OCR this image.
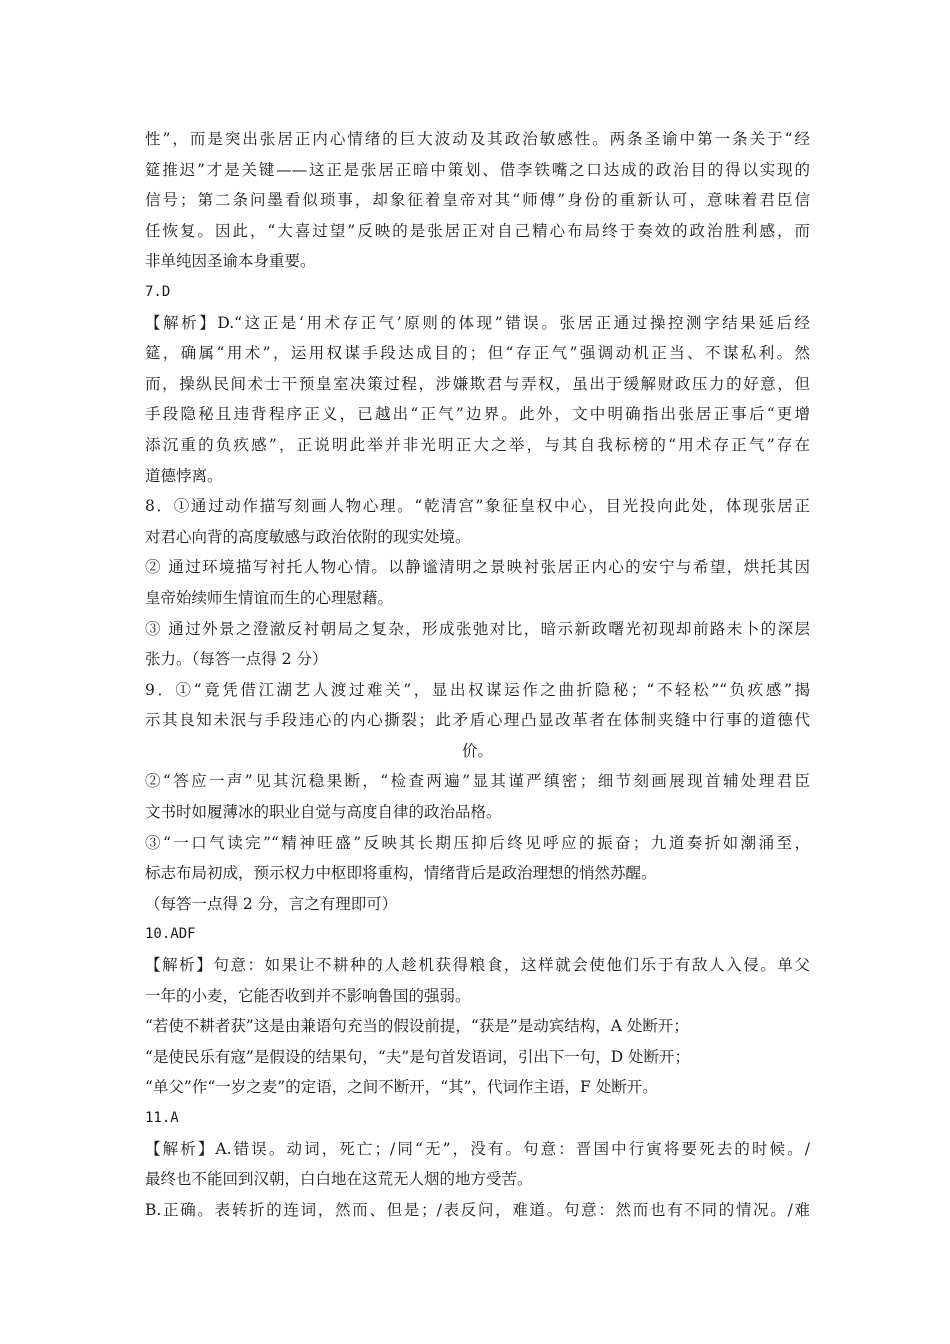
性”，而是突出张居正内心情绪的巨大波动及其政治敏感性。两条圣谕中第一条关于“经
筵推迟”才是关键——这正是张居正暗中策划、借李铁嘴之口达成的政治目的得以实现的
信号；第二条问墨看似琐事，却象征着皇帝对其“师傅”身份的重新认可，意味着君臣信
任恢复。因此，“大喜过望”反映的是张居正对自己精心布局终于奏效的政治胜利感，而
非单纯因圣谕本身重要。
7.D
【解析】D.“这正是‘用术存正气’原则的体现”错误。张居正通过操控测字结果延后经
筵，确属“用术”，运用权谋手段达成目的；但“存正气”强调动机正当、不谋私利。然
而，操纵民间术士干预皇室决策过程，涉嫌欺君与弄权，虽出于缓解财政压力的好意，但
手段隐秘且违背程序正义，已越出“正气”边界。此外，文中明确指出张居正事后“更增
添沉重的负疚感”，正说明此举并非光明正大之举，与其自我标榜的“用术存正气”存在
道德悖离。
8．①通过动作描写刻画人物心理。“乾清宫”象征皇权中心，目光投向此处，体现张居正
对君心向背的高度敏感与政治依附的现实处境。
② 通过环境描写衬托人物心情。以静谧清明之景映衬张居正内心的安宁与希望，烘托其因
皇帝始续师生情谊而生的心理慰藉。
③ 通过外景之澄澈反衬朝局之复杂，形成张弛对比，暗示新政曙光初现却前路未卜的深层
张力。（每答一点得 2 分）
9．①“竟凭借江湖艺人渡过难关”，显出权谋运作之曲折隐秘；“不轻松”“负疚感”揭
示其良知未泯与手段违心的内心撕裂；此矛盾心理凸显改革者在体制夹缝中行事的道德代
价。
②“答应一声”见其沉稳果断，“检查两遍”显其谨严缜密；细节刻画展现首辅处理君臣
文书时如履薄冰的职业自觉与高度自律的政治品格。
③“一口气读完”“精神旺盛”反映其长期压抑后终见呼应的振奋；九道奏折如潮涌至，
标志布局初成，预示权力中枢即将重构，情绪背后是政治理想的悄然苏醒。
（每答一点得 2 分，言之有理即可）
10.ADF
【解析】句意：如果让不耕种的人趁机获得粮食，这样就会使他们乐于有敌人入侵。单父
一年的小麦，它能否收到并不影响鲁国的强弱。
“若使不耕者获”这是由兼语句充当的假设前提，“获是”是动宾结构，A 处断开；
“是使民乐有寇”是假设的结果句，“夫”是句首发语词，引出下一句，D 处断开；
“单父”作“一岁之麦”的定语，之间不断开，“其”，代词作主语，F 处断开。
11.A
【解析】A.错误。动词，死亡；/同“无”，没有。句意：晋国中行寅将要死去的时候。/
最终也不能回到汉朝，白白地在这荒无人烟的地方受苦。
B.正确。表转折的连词，然而、但是；/表反问，难道。句意：然而也有不同的情况。/难
